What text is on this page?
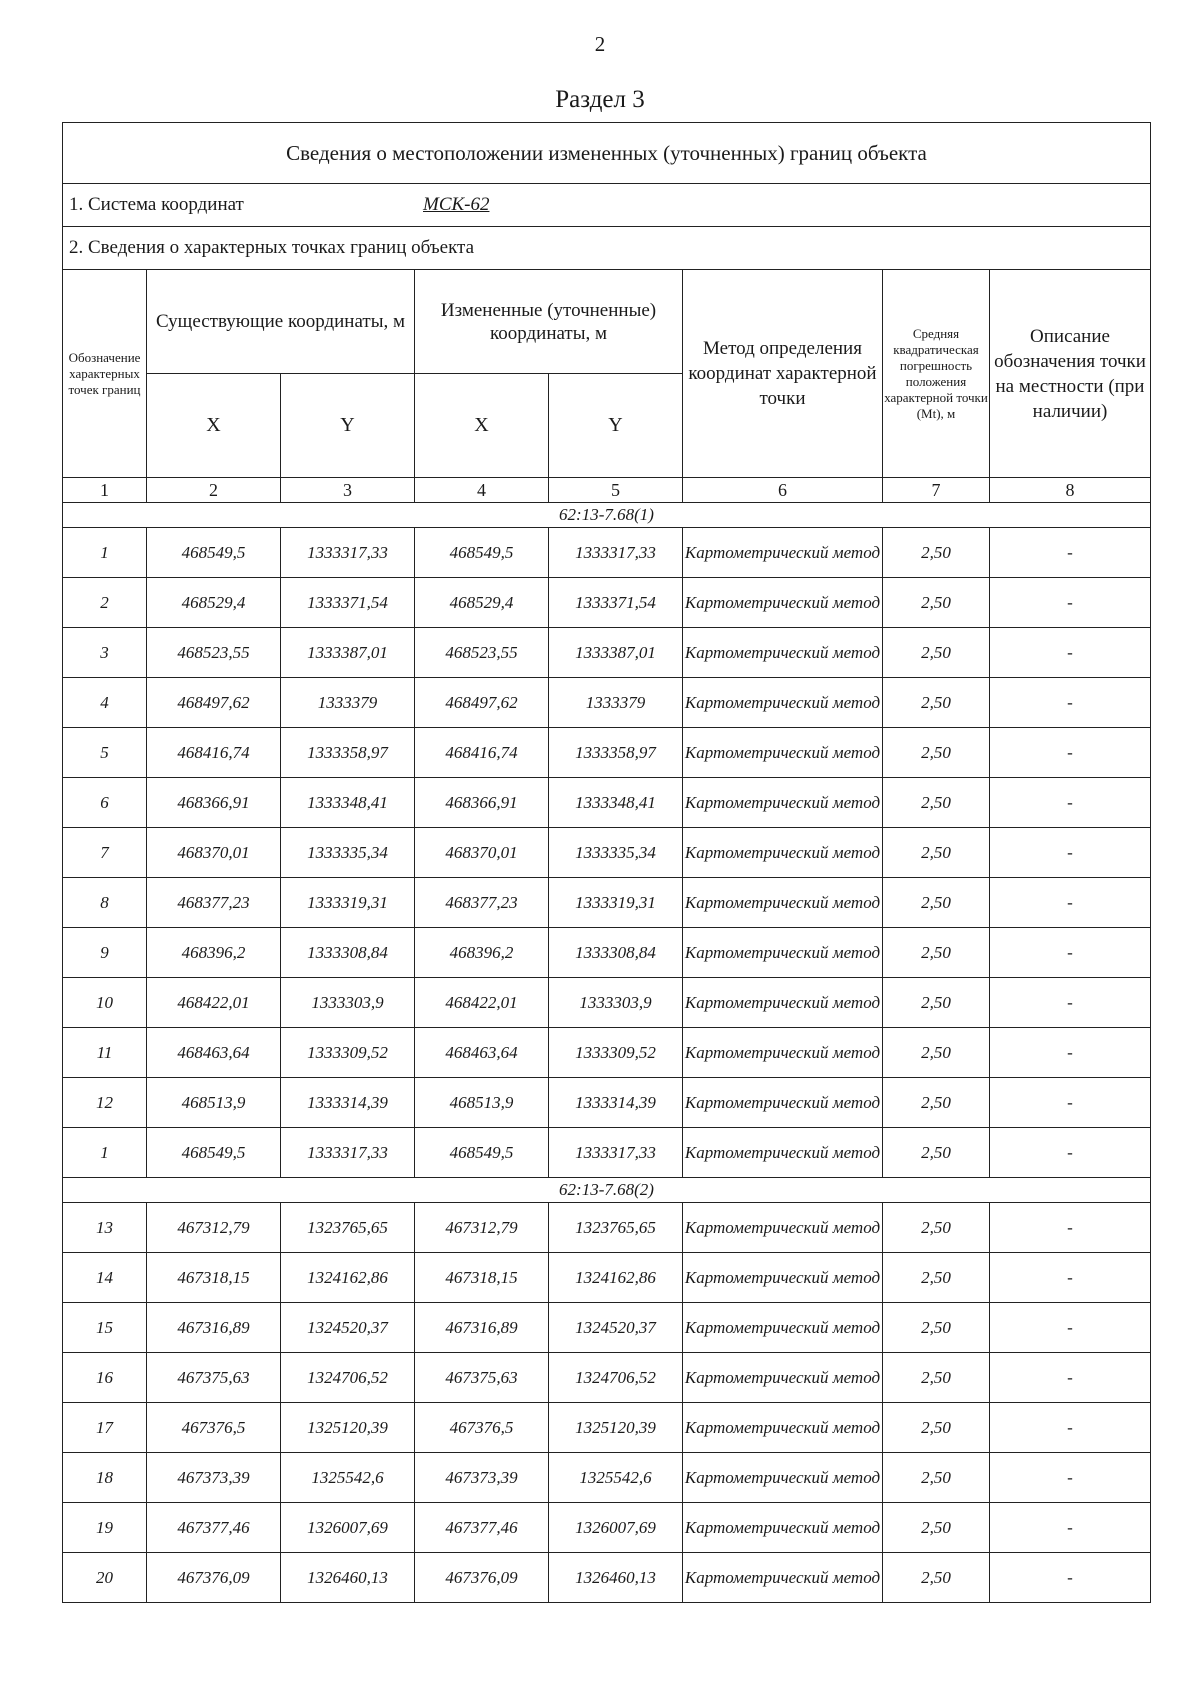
2
Раздел 3
Сведения о местоположении измененных (уточненных) границ объекта							
1. Система координат МСК-62							
2. Сведения о характерных точках границ объекта							
Обозначение характерных точек границ	Существующие координаты, м		Измененные (уточненные) координаты, м		Метод определения координат характерной точки	Средняя квадратическая погрешность положения характерной точки (Mt), м	Описание обозначения точки на местности (при наличии)
	X	Y	X	Y			
1	2	3	4	5	6	7	8
62:13-7.68(1)							
1	468549,5	1333317,33	468549,5	1333317,33	Картометрический метод	2,50	-
2	468529,4	1333371,54	468529,4	1333371,54	Картометрический метод	2,50	-
3	468523,55	1333387,01	468523,55	1333387,01	Картометрический метод	2,50	-
4	468497,62	1333379	468497,62	1333379	Картометрический метод	2,50	-
5	468416,74	1333358,97	468416,74	1333358,97	Картометрический метод	2,50	-
6	468366,91	1333348,41	468366,91	1333348,41	Картометрический метод	2,50	-
7	468370,01	1333335,34	468370,01	1333335,34	Картометрический метод	2,50	-
8	468377,23	1333319,31	468377,23	1333319,31	Картометрический метод	2,50	-
9	468396,2	1333308,84	468396,2	1333308,84	Картометрический метод	2,50	-
10	468422,01	1333303,9	468422,01	1333303,9	Картометрический метод	2,50	-
11	468463,64	1333309,52	468463,64	1333309,52	Картометрический метод	2,50	-
12	468513,9	1333314,39	468513,9	1333314,39	Картометрический метод	2,50	-
1	468549,5	1333317,33	468549,5	1333317,33	Картометрический метод	2,50	-
62:13-7.68(2)							
13	467312,79	1323765,65	467312,79	1323765,65	Картометрический метод	2,50	-
14	467318,15	1324162,86	467318,15	1324162,86	Картометрический метод	2,50	-
15	467316,89	1324520,37	467316,89	1324520,37	Картометрический метод	2,50	-
16	467375,63	1324706,52	467375,63	1324706,52	Картометрический метод	2,50	-
17	467376,5	1325120,39	467376,5	1325120,39	Картометрический метод	2,50	-
18	467373,39	1325542,6	467373,39	1325542,6	Картометрический метод	2,50	-
19	467377,46	1326007,69	467377,46	1326007,69	Картометрический метод	2,50	-
20	467376,09	1326460,13	467376,09	1326460,13	Картометрический метод	2,50	-
